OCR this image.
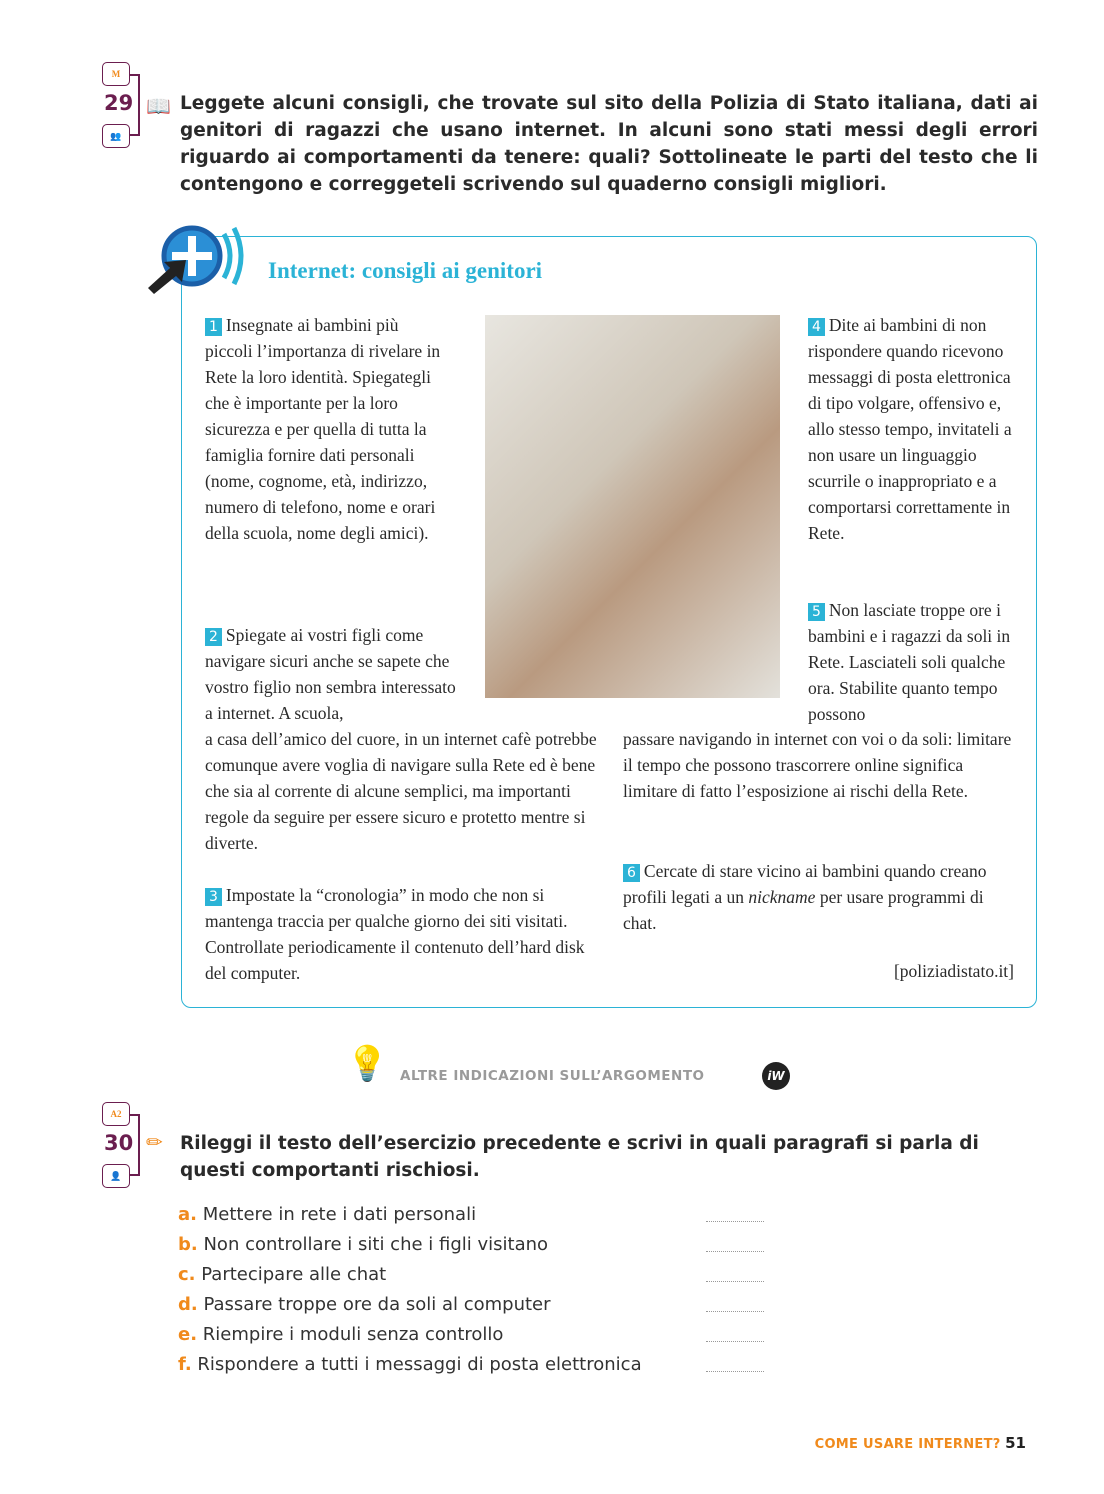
M
29
👥
📖 Leggete alcuni consigli, che trovate sul sito della Polizia di Stato italiana, dati ai genitori di ragazzi che usano internet. In alcuni sono stati messi degli errori riguardo ai comportamenti da tenere: quali? Sottolineate le parti del testo che li contengono e correggeteli scrivendo sul quaderno consigli migliori.
Internet: consigli ai genitori
1 Insegnate ai bambini più piccoli l’importanza di rivelare in Rete la loro identità. Spiegategli che è importante per la loro sicurezza e per quella di tutta la famiglia fornire dati personali (nome, cognome, età, indirizzo, numero di telefono, nome e orari della scuola, nome degli amici).
2 Spiegate ai vostri figli come navigare sicuri anche se sapete che vostro figlio non sembra interessato a internet. A scuola,
a casa dell’amico del cuore, in un internet cafè potrebbe comunque avere voglia di navigare sulla Rete ed è bene che sia al corrente di alcune semplici, ma importanti regole da seguire per essere sicuro e protetto mentre si diverte.
3 Impostate la “cronologia” in modo che non si mantenga traccia per qualche giorno dei siti visitati. Controllate periodicamente il contenuto dell’hard disk del computer.
4 Dite ai bambini di non rispondere quando ricevono messaggi di posta elettronica di tipo volgare, offensivo e, allo stesso tempo, invitateli a non usare un linguaggio scurrile o inappropriato e a comportarsi correttamente in Rete.
5 Non lasciate troppe ore i bambini e i ragazzi da soli in Rete. Lasciateli soli qualche ora. Stabilite quanto tempo possono
passare navigando in internet con voi o da soli: limitare il tempo che possono trascorrere online significa limitare di fatto l’esposizione ai rischi della Rete.
6 Cercate di stare vicino ai bambini quando creano profili legati a un nickname per usare programmi di chat.
[poliziadistato.it]
💡 ALTRE INDICAZIONI SULL’ARGOMENTO	iW
A2
30
👤
✏ Rileggi il testo dell’esercizio precedente e scrivi in quali paragrafi si parla di questi comportanti rischiosi.
a. Mettere in rete i dati personali
b. Non controllare i siti che i figli visitano
c. Partecipare alle chat
d. Passare troppe ore da soli al computer
e. Riempire i moduli senza controllo
f. Rispondere a tutti i messaggi di posta elettronica
COME USARE INTERNET? 51
